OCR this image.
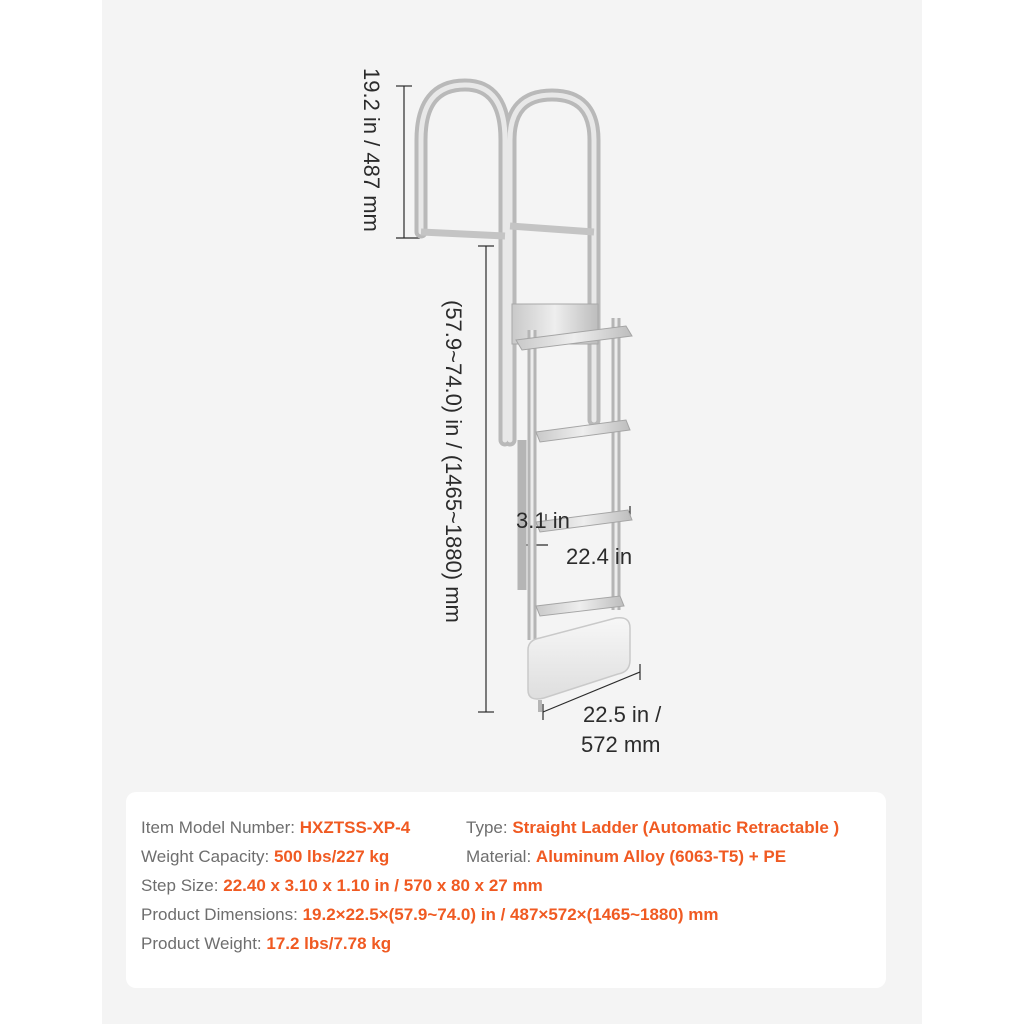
19.2 in / 487 mm
(57.9~74.0) in / (1465~1880) mm 3.1 in
22.4 in
22.5 in /
572 mm
Item Model Number: HXZTSS-XP-4	Type: Straight Ladder (Automatic Retractable )
Weight Capacity: 500 lbs/227 kg	Material: Aluminum Alloy (6063-T5) + PE
Step Size: 22.40 x 3.10 x 1.10 in / 570 x 80 x 27 mm
Product Dimensions: 19.2×22.5×(57.9~74.0) in / 487×572×(1465~1880) mm
Product Weight: 17.2 lbs/7.78 kg
